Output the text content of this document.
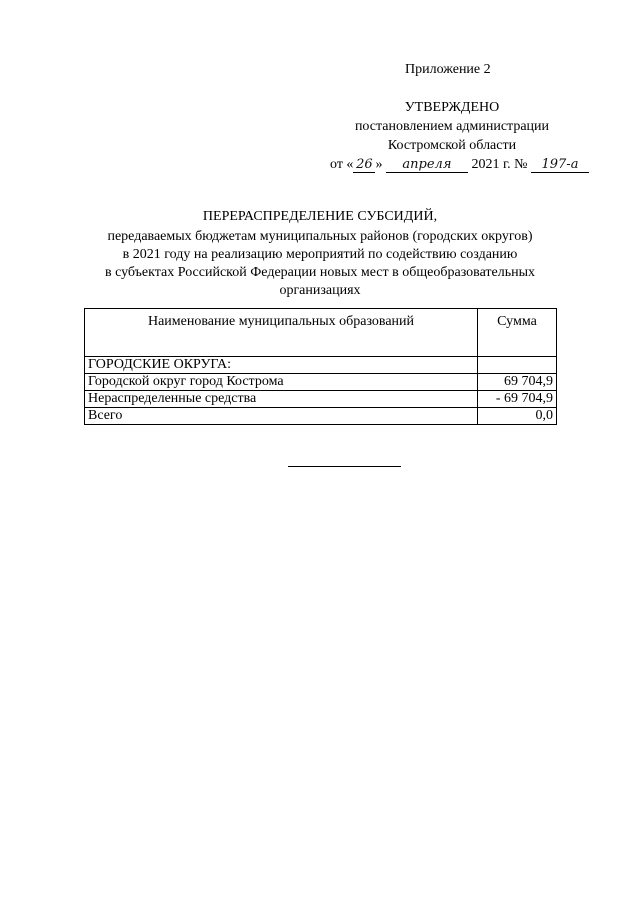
Приложение 2
УТВЕРЖДЕНО
постановлением администрации
Костромской области
от « 26 » апреля 2021 г. № 197-а
ПЕРЕРАСПРЕДЕЛЕНИЕ СУБСИДИЙ,
передаваемых бюджетам муниципальных районов (городских округов)
в 2021 году на реализацию мероприятий по содействию созданию
в субъектах Российской Федерации новых мест в общеобразовательных
организациях
Наименование муниципальных образований	Сумма
ГОРОДСКИЕ ОКРУГА:	
Городской округ город Кострома	69 704,9
Нераспределенные средства	- 69 704,9
Всего	0,0
